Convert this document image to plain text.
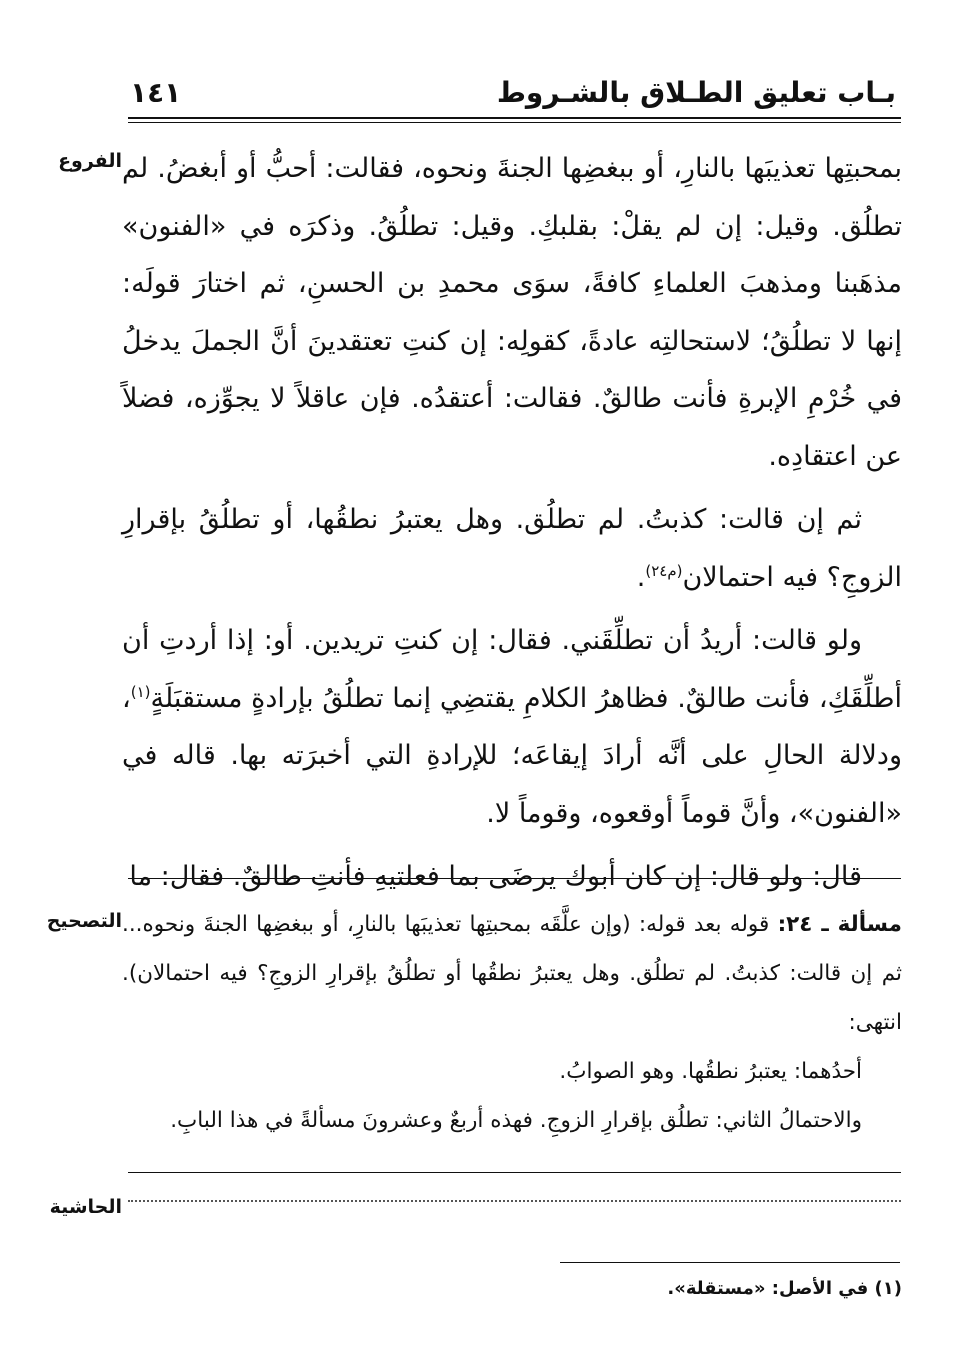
بـاب تعليق الطـلاق بالشـروط
١٤١
الفروع
التصحيح
الحاشية

بمحبتِها تعذيبَها بالنارِ، أو ببغضِها الجنةَ ونحوه، فقالت: أحبُّ أو أبغضُ. لم تطلُق. وقيل: إن لم يقلْ: بقلبكِ. وقيل: تطلُقُ. وذكرَه في «الفنون» مذهَبنا ومذهبَ العلماءِ كافةً، سوَى محمدِ بن الحسنِ، ثم اختارَ قولَه: إنها لا تطلُقُ؛ لاستحالتِه عادةً، كقولِه: إن كنتِ تعتقدينَ أنَّ الجملَ يدخلُ في خُرْمِ الإبرةِ فأنت طالقٌ. فقالت: أعتقدُه. فإن عاقلاً لا يجوِّزه، فضلاً عن اعتقادِه.

ثم إن قالت: كذبتُ. لم تطلُق. وهل يعتبرُ نطقُها، أو تطلُقُ بإقرارِ الزوجِ؟ فيه احتمالان$^{(م٢٤)}$.

ولو قالت: أريدُ أن تطلِّقَني. فقال: إن كنتِ تريدين. أو: إذا أردتِ أن أطلِّقَكِ، فأنت طالقٌ. فظاهرُ الكلامِ يقتضِي إنما تطلُقُ بإرادةٍ مستقبَلَةٍ$^{(١)}$، ودلالة الحالِ على أنَّه أرادَ إيقاعَه؛ للإرادةِ التي أخبرَته بها. قاله في «الفنون»، وأنَّ قوماً أوقعوه، وقوماً لا.

قال: ولو قال: إن كان أبوك يرضَى بما فعلتيهِ فأنتِ طالقٌ. فقال: ما

مسألة ـ ٢٤: قوله بعد قوله: (وإن علَّقَه بمحبتِها تعذيبَها بالنارِ، أو ببغضِها الجنةَ ونحوه... ثم إن قالت: كذبتُ. لم تطلُق. وهل يعتبرُ نطقُها أو تطلُقُ بإقرارِ الزوجِ؟ فيه احتمالان). انتهى:

أحدُهما: يعتبرُ نطقُها. وهو الصوابُ.

والاحتمالُ الثاني: تطلُق بإقرارِ الزوجِ. فهذه أربعٌ وعشرونَ مسألةً في هذا البابِ.

(١) في الأصل: «مستقلة».
